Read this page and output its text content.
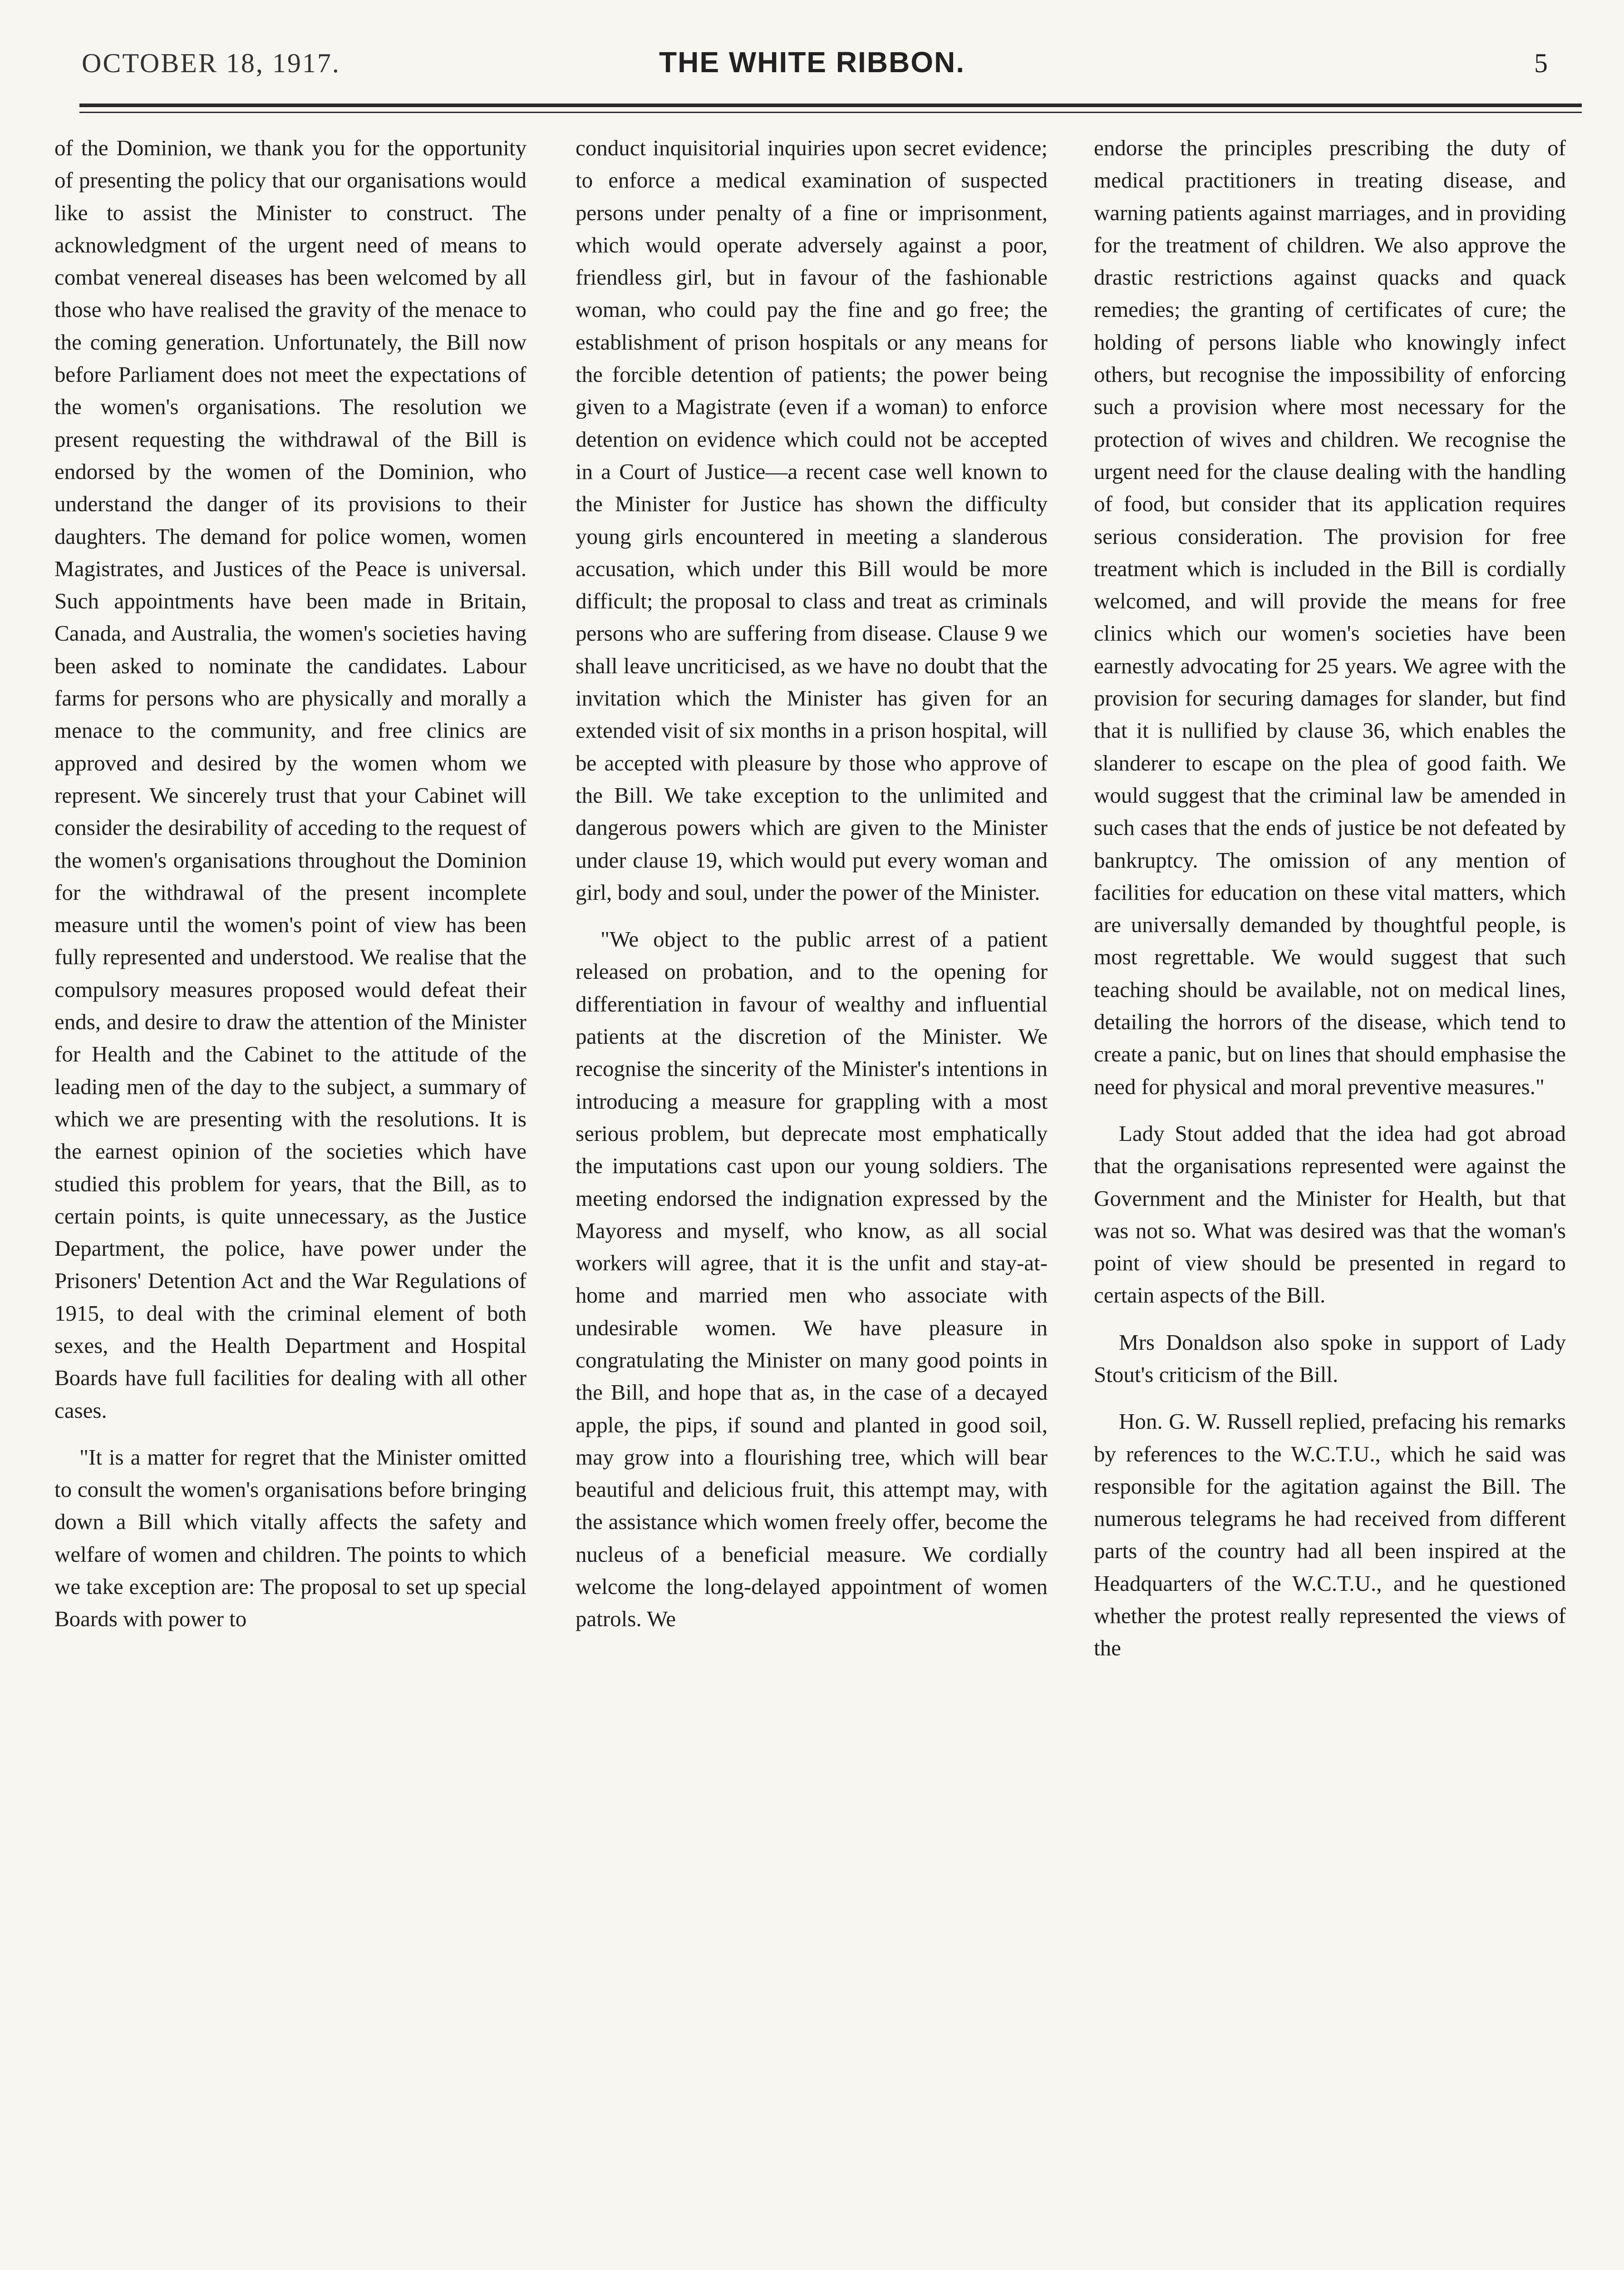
OCTOBER 18, 1917.	THE WHITE RIBBON.	5

of the Dominion, we thank you for the opportunity of presenting the policy that our organisations would like to assist the Minister to construct. The acknowledgment of the urgent need of means to combat venereal diseases has been welcomed by all those who have realised the gravity of the menace to the coming generation. Unfortunately, the Bill now before Parliament does not meet the expectations of the women's organisations. The resolution we present requesting the withdrawal of the Bill is endorsed by the women of the Dominion, who understand the danger of its provisions to their daughters. The demand for police women, women Magistrates, and Justices of the Peace is universal. Such appointments have been made in Britain, Canada, and Australia, the women's societies having been asked to nominate the candidates. Labour farms for persons who are physically and morally a menace to the community, and free clinics are approved and desired by the women whom we represent. We sincerely trust that your Cabinet will consider the desirability of acceding to the request of the women's organisations throughout the Dominion for the withdrawal of the present incomplete measure until the women's point of view has been fully represented and understood. We realise that the compulsory measures proposed would defeat their ends, and desire to draw the attention of the Minister for Health and the Cabinet to the attitude of the leading men of the day to the subject, a summary of which we are presenting with the resolutions. It is the earnest opinion of the societies which have studied this problem for years, that the Bill, as to certain points, is quite unnecessary, as the Justice Department, the police, have power under the Prisoners' Detention Act and the War Regulations of 1915, to deal with the criminal element of both sexes, and the Health Department and Hospital Boards have full facilities for dealing with all other cases.

"It is a matter for regret that the Minister omitted to consult the women's organisations before bringing down a Bill which vitally affects the safety and welfare of women and children. The points to which we take exception are: The proposal to set up special Boards with power to

conduct inquisitorial inquiries upon secret evidence; to enforce a medical examination of suspected persons under penalty of a fine or imprisonment, which would operate adversely against a poor, friendless girl, but in favour of the fashionable woman, who could pay the fine and go free; the establishment of prison hospitals or any means for the forcible detention of patients; the power being given to a Magistrate (even if a woman) to enforce detention on evidence which could not be accepted in a Court of Justice—a recent case well known to the Minister for Justice has shown the difficulty young girls encountered in meeting a slanderous accusation, which under this Bill would be more difficult; the proposal to class and treat as criminals persons who are suffering from disease. Clause 9 we shall leave uncriticised, as we have no doubt that the invitation which the Minister has given for an extended visit of six months in a prison hospital, will be accepted with pleasure by those who approve of the Bill. We take exception to the unlimited and dangerous powers which are given to the Minister under clause 19, which would put every woman and girl, body and soul, under the power of the Minister.

"We object to the public arrest of a patient released on probation, and to the opening for differentiation in favour of wealthy and influential patients at the discretion of the Minister. We recognise the sincerity of the Minister's intentions in introducing a measure for grappling with a most serious problem, but deprecate most emphatically the imputations cast upon our young soldiers. The meeting endorsed the indignation expressed by the Mayoress and myself, who know, as all social workers will agree, that it is the unfit and stay-at-home and married men who associate with undesirable women. We have pleasure in congratulating the Minister on many good points in the Bill, and hope that as, in the case of a decayed apple, the pips, if sound and planted in good soil, may grow into a flourishing tree, which will bear beautiful and delicious fruit, this attempt may, with the assistance which women freely offer, become the nucleus of a beneficial measure. We cordially welcome the long-delayed appointment of women patrols. We

endorse the principles prescribing the duty of medical practitioners in treating disease, and warning patients against marriages, and in providing for the treatment of children. We also approve the drastic restrictions against quacks and quack remedies; the granting of certificates of cure; the holding of persons liable who knowingly infect others, but recognise the impossibility of enforcing such a provision where most necessary for the protection of wives and children. We recognise the urgent need for the clause dealing with the handling of food, but consider that its application requires serious consideration. The provision for free treatment which is included in the Bill is cordially welcomed, and will provide the means for free clinics which our women's societies have been earnestly advocating for 25 years. We agree with the provision for securing damages for slander, but find that it is nullified by clause 36, which enables the slanderer to escape on the plea of good faith. We would suggest that the criminal law be amended in such cases that the ends of justice be not defeated by bankruptcy. The omission of any mention of facilities for education on these vital matters, which are universally demanded by thoughtful people, is most regrettable. We would suggest that such teaching should be available, not on medical lines, detailing the horrors of the disease, which tend to create a panic, but on lines that should emphasise the need for physical and moral preventive measures."

Lady Stout added that the idea had got abroad that the organisations represented were against the Government and the Minister for Health, but that was not so. What was desired was that the woman's point of view should be presented in regard to certain aspects of the Bill.

Mrs Donaldson also spoke in support of Lady Stout's criticism of the Bill.

Hon. G. W. Russell replied, prefacing his remarks by references to the W.C.T.U., which he said was responsible for the agitation against the Bill. The numerous telegrams he had received from different parts of the country had all been inspired at the Headquarters of the W.C.T.U., and he questioned whether the protest really represented the views of the
